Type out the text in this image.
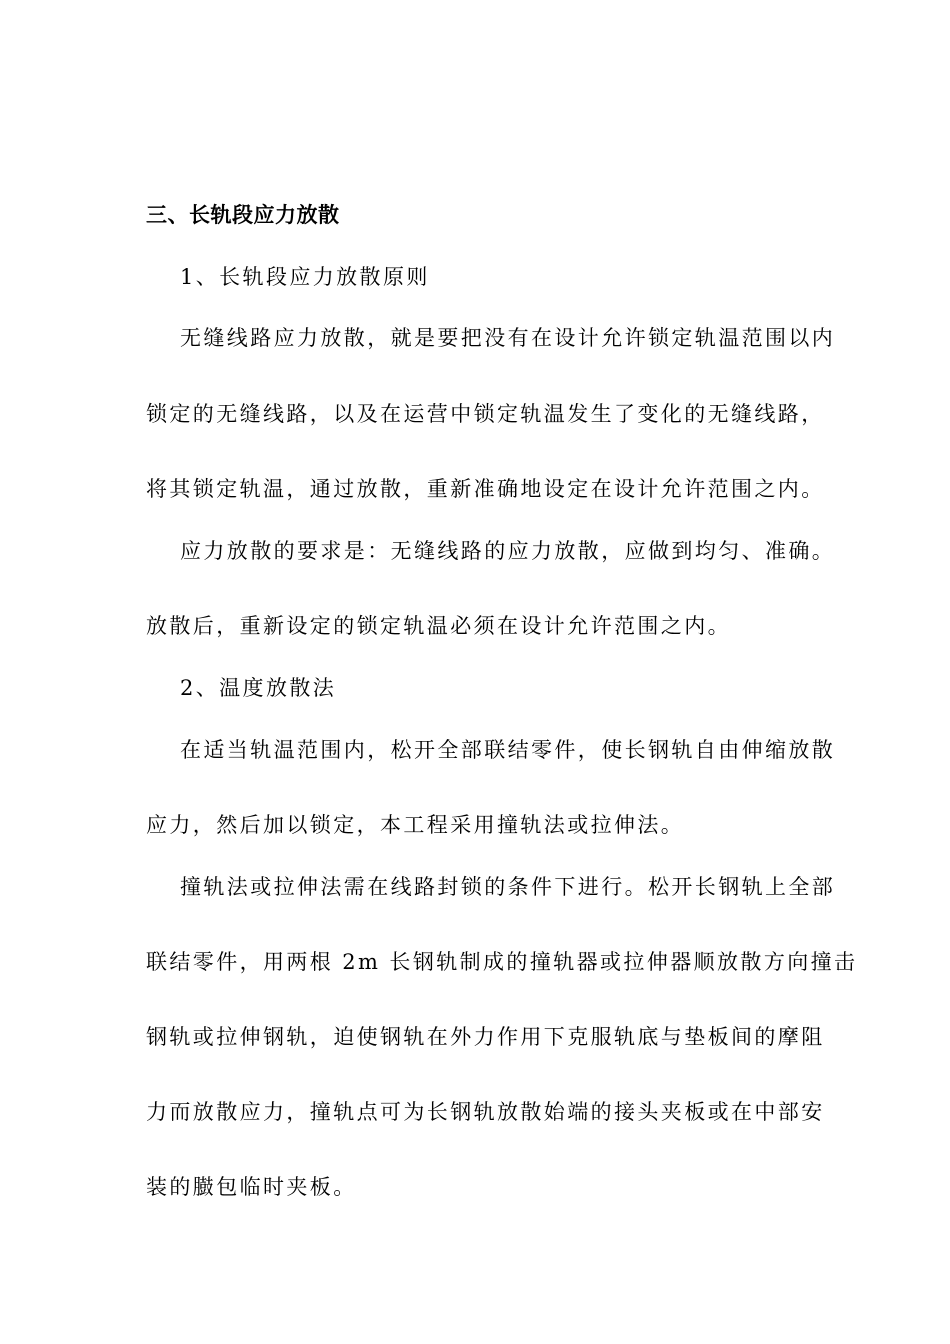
三、长轨段应力放散
1、长轨段应力放散原则
无缝线路应力放散，就是要把没有在设计允许锁定轨温范围以内
锁定的无缝线路，以及在运营中锁定轨温发生了变化的无缝线路，
将其锁定轨温，通过放散，重新准确地设定在设计允许范围之内。
应力放散的要求是：无缝线路的应力放散，应做到均匀、准确。
放散后，重新设定的锁定轨温必须在设计允许范围之内。
2、温度放散法
在适当轨温范围内，松开全部联结零件，使长钢轨自由伸缩放散
应力，然后加以锁定，本工程采用撞轨法或拉伸法。
撞轨法或拉伸法需在线路封锁的条件下进行。松开长钢轨上全部
联结零件，用两根 2m 长钢轨制成的撞轨器或拉伸器顺放散方向撞击
钢轨或拉伸钢轨，迫使钢轨在外力作用下克服轨底与垫板间的摩阻
力而放散应力，撞轨点可为长钢轨放散始端的接头夹板或在中部安
装的臌包临时夹板。
